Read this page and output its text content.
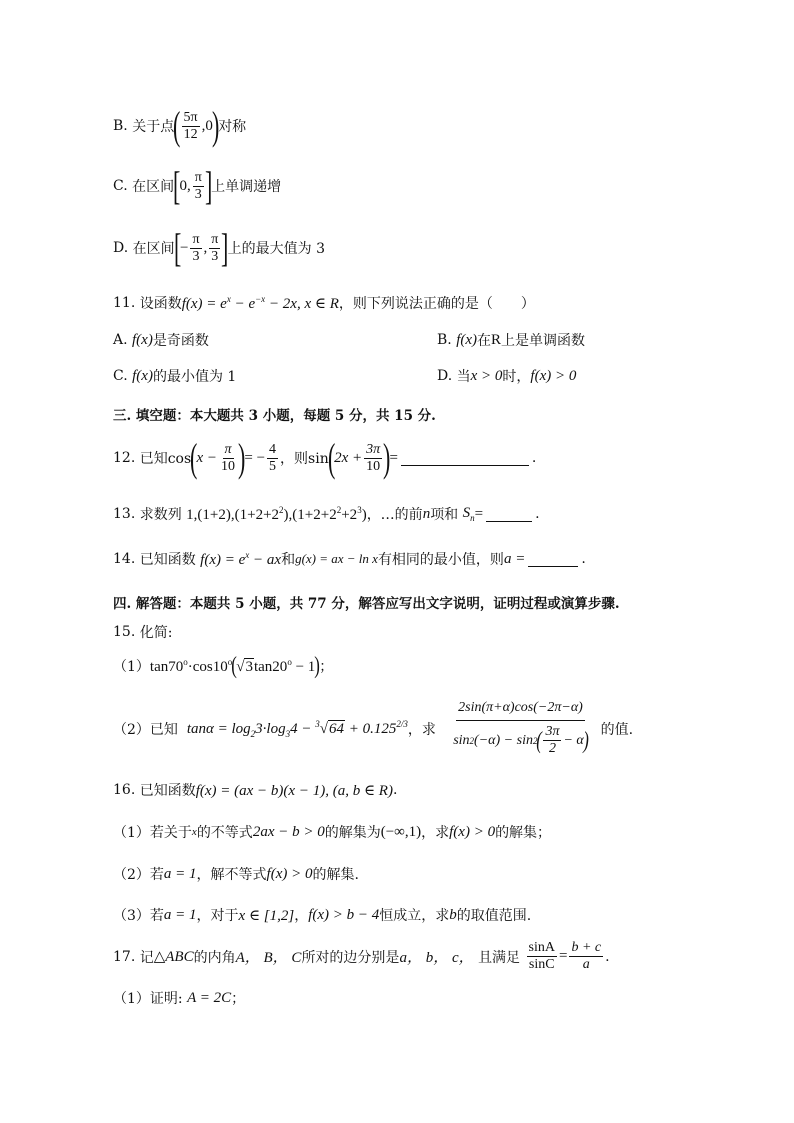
B.
关于点
( $\frac{5\pi}{12} ,0$
)
对称
C.
在区间
[
0, $\frac{\pi}{3}$ ]
上单调递增
D.
在区间
[
− $\frac{\pi}{3}$ , $\frac{\pi}{3}$ ]
上的最大值为 3
11.
设函数 $f(x) = e^x - e^{-x} - 2x$, x ∈ R ，则下列说法正确的是（　　）
A.
f(x) 是奇函数	B.
f(x) 在 R 上是单调函数
C.
f(x) 的最小值为 1	D.
当 x > 0 时， f(x) > 0
三. 填空题：本大题共 3 小题，每题 5 分，共 15 分.
12.
已知cos
(
$x - \frac{\pi}{10}$ )
= − $\frac{4}{5}$ ，则sin
(
$2x + \frac{3\pi}{10}$ )
=	.
13.
求数列
$1,(1+2),(1+2+2^2),(1+2+2^2+2^3)$ ，…的前 n 项和
$S_n$ =	.
14.
已知函数
$f(x) = e^x$ − ax 和 g(x) = ax − ln x 有相同的最小值，则 a =	.
四. 解答题：本题共 5 小题，共 77 分，解答应写出文字说明，证明过程或演算步骤.
15.
化简:
（1） $\tan 70^o\cdot\cos 10^o$ ( $√3\tan 20^o - 1$ ) ；
（2）已知
$\tan\alpha = \log_23\cdot\log_34 - ^3√64 + 0.125^{2/3}$ ，求
$\frac{2\sin(\pi+\alpha)\cos(-2\pi-\alpha)}{\sin 2 (-\alpha) - \sin 2 ( \frac{3\pi}{2} - \alpha )}$
的值.
16.
已知函数 f(x) = (ax − b)(x − 1), (a, b ∈ R) .
（1）若关于 x 的不等式 2ax − b > 0 的解集为 (−∞,1) ，求 f(x) > 0 的解集；
（2）若 a = 1 ，解不等式 f(x) > 0 的解集.
（3）若 a = 1 ，对于 x ∈ [1,2] ， f(x) > b − 4 恒成立，求 b 的取值范围.
17.
记 △ABC 的内角 A， B， C 所对的边分别是 a， b， c，
且满足
$\frac{\sin A}{\sin C} = \frac{b + c}{a}$ .
（1）证明:
A = 2C ；
